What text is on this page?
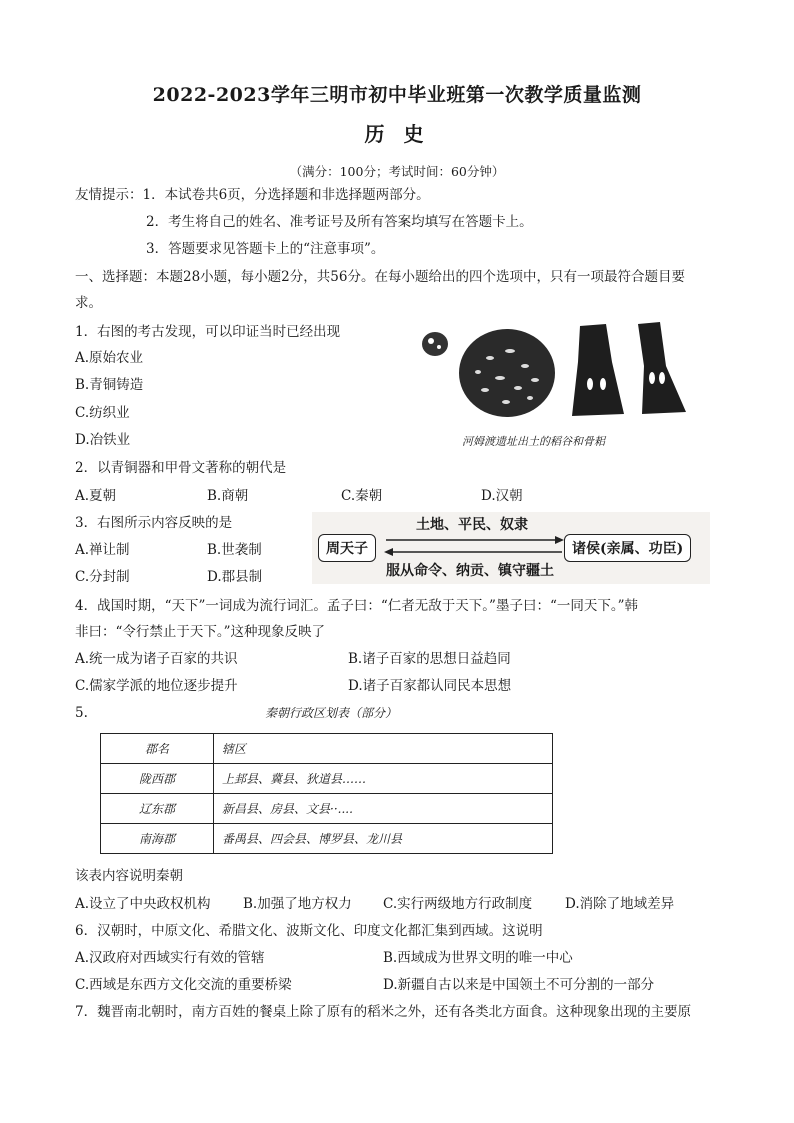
2022-2023学年三明市初中毕业班第一次教学质量监测
历 史
（满分：100分；考试时间：60分钟）
友情提示：1．本试卷共6页，分选择题和非选择题两部分。
2．考生将自己的姓名、准考证号及所有答案均填写在答题卡上。
3．答题要求见答题卡上的“注意事项”。
一、选择题：本题28小题，每小题2分，共56分。在每小题给出的四个选项中，只有一项最符合题目要
求。
1．右图的考古发现，可以印证当时已经出现
A.原始农业
B.青铜铸造
C.纺织业
D.冶铁业	河姆渡遗址出土的稻谷和骨耜
2．以青铜器和甲骨文著称的朝代是
A.夏朝	B.商朝	C.秦朝	D.汉朝
3．右图所示内容反映的是
A.禅让制	B.世袭制
C.分封制	D.郡县制
土地、平民、奴隶
周天子	诸侯(亲属、功臣)
服从命令、纳贡、镇守疆土
4．战国时期，“天下”一词成为流行词汇。孟子曰：“仁者无敌于天下。”墨子曰：“一同天下。”韩
非曰：“令行禁止于天下。”这种现象反映了
A.统一成为诸子百家的共识	B.诸子百家的思想日益趋同
C.儒家学派的地位逐步提升	D.诸子百家都认同民本思想
5.	秦朝行政区划表（部分）
郡名	辖区
陇西郡	上邽县、冀县、狄道县……
辽东郡	新昌县、房县、文县··....
南海郡	番禺县、四会县、博罗县、龙川县
该表内容说明秦朝
A.设立了中央政权机构 B.加强了地方权力 C.实行两级地方行政制度 D.消除了地域差异
6．汉朝时，中原文化、希腊文化、波斯文化、印度文化都汇集到西域。这说明
A.汉政府对西域实行有效的管辖	B.西域成为世界文明的唯一中心
C.西域是东西方文化交流的重要桥梁	D.新疆自古以来是中国领土不可分割的一部分
7．魏晋南北朝时，南方百姓的餐桌上除了原有的稻米之外，还有各类北方面食。这种现象出现的主要原
